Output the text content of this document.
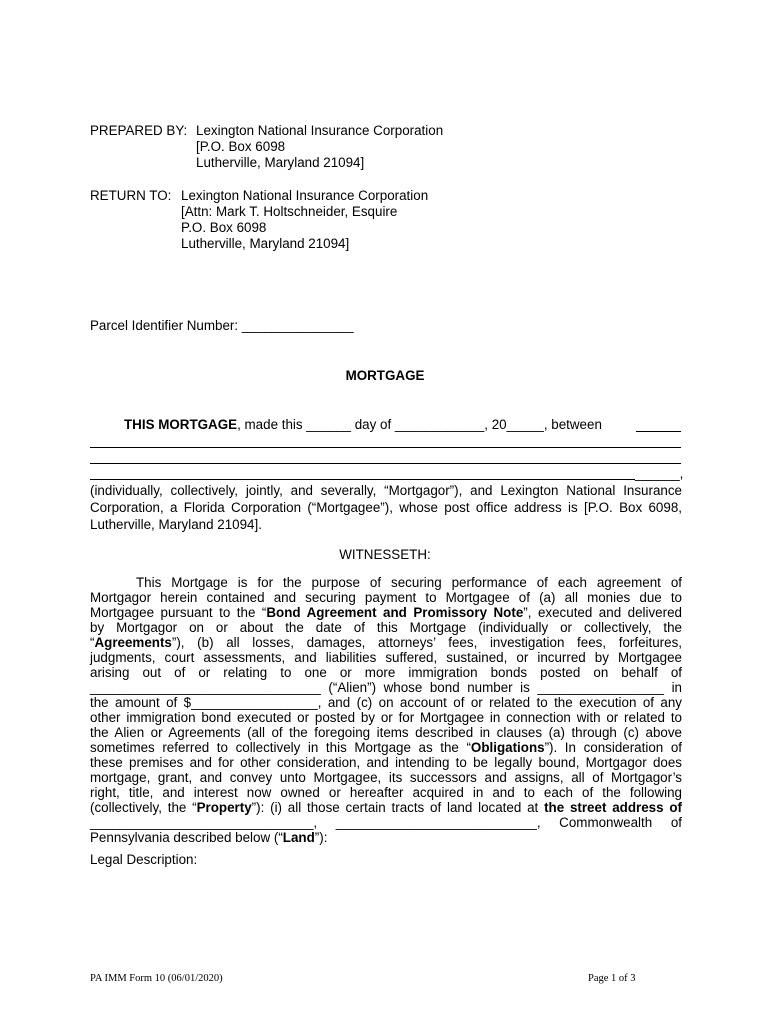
PREPARED BY: Lexington National Insurance Corporation
[P.O. Box 6098
Lutherville, Maryland 21094]
RETURN TO: Lexington National Insurance Corporation
[Attn: Mark T. Holtschneider, Esquire
P.O. Box 6098
Lutherville, Maryland 21094]
Parcel Identifier Number: _______________
MORTGAGE
THIS MORTGAGE, made this ______ day of ____________, 20_____, between
______,
(individually, collectively, jointly, and severally, “Mortgagor”), and Lexington National Insurance
Corporation, a Florida Corporation (“Mortgagee”), whose post office address is [P.O. Box 6098,
Lutherville, Maryland 21094].
WITNESSETH:
This Mortgage is for the purpose of securing performance of each agreement of
Mortgagor herein contained and securing payment to Mortgagee of (a) all monies due to
Mortgagee pursuant to the “Bond Agreement and Promissory Note”, executed and delivered
by Mortgagor on or about the date of this Mortgage (individually or collectively, the
“Agreements”), (b) all losses, damages, attorneys’ fees, investigation fees, forfeitures,
judgments, court assessments, and liabilities suffered, sustained, or incurred by Mortgagee
arising out of or relating to one or more immigration bonds posted on behalf of
_______________________________ (“Alien”) whose bond number is _________________ in
the amount of $_________________, and (c) on account of or related to the execution of any
other immigration bond executed or posted by or for Mortgagee in connection with or related to
the Alien or Agreements (all of the foregoing items described in clauses (a) through (c) above
sometimes referred to collectively in this Mortgage as the “Obligations”). In consideration of
these premises and for other consideration, and intending to be legally bound, Mortgagor does
mortgage, grant, and convey unto Mortgagee, its successors and assigns, all of Mortgagor’s
right, title, and interest now owned or hereafter acquired in and to each of the following
(collectively, the “Property”): (i) all those certain tracts of land located at the street address of
______________________________, ___________________________, Commonwealth of
Pennsylvania described below (“Land”):
Legal Description:
PA IMM Form 10 (06/01/2020)	Page 1 of 3
